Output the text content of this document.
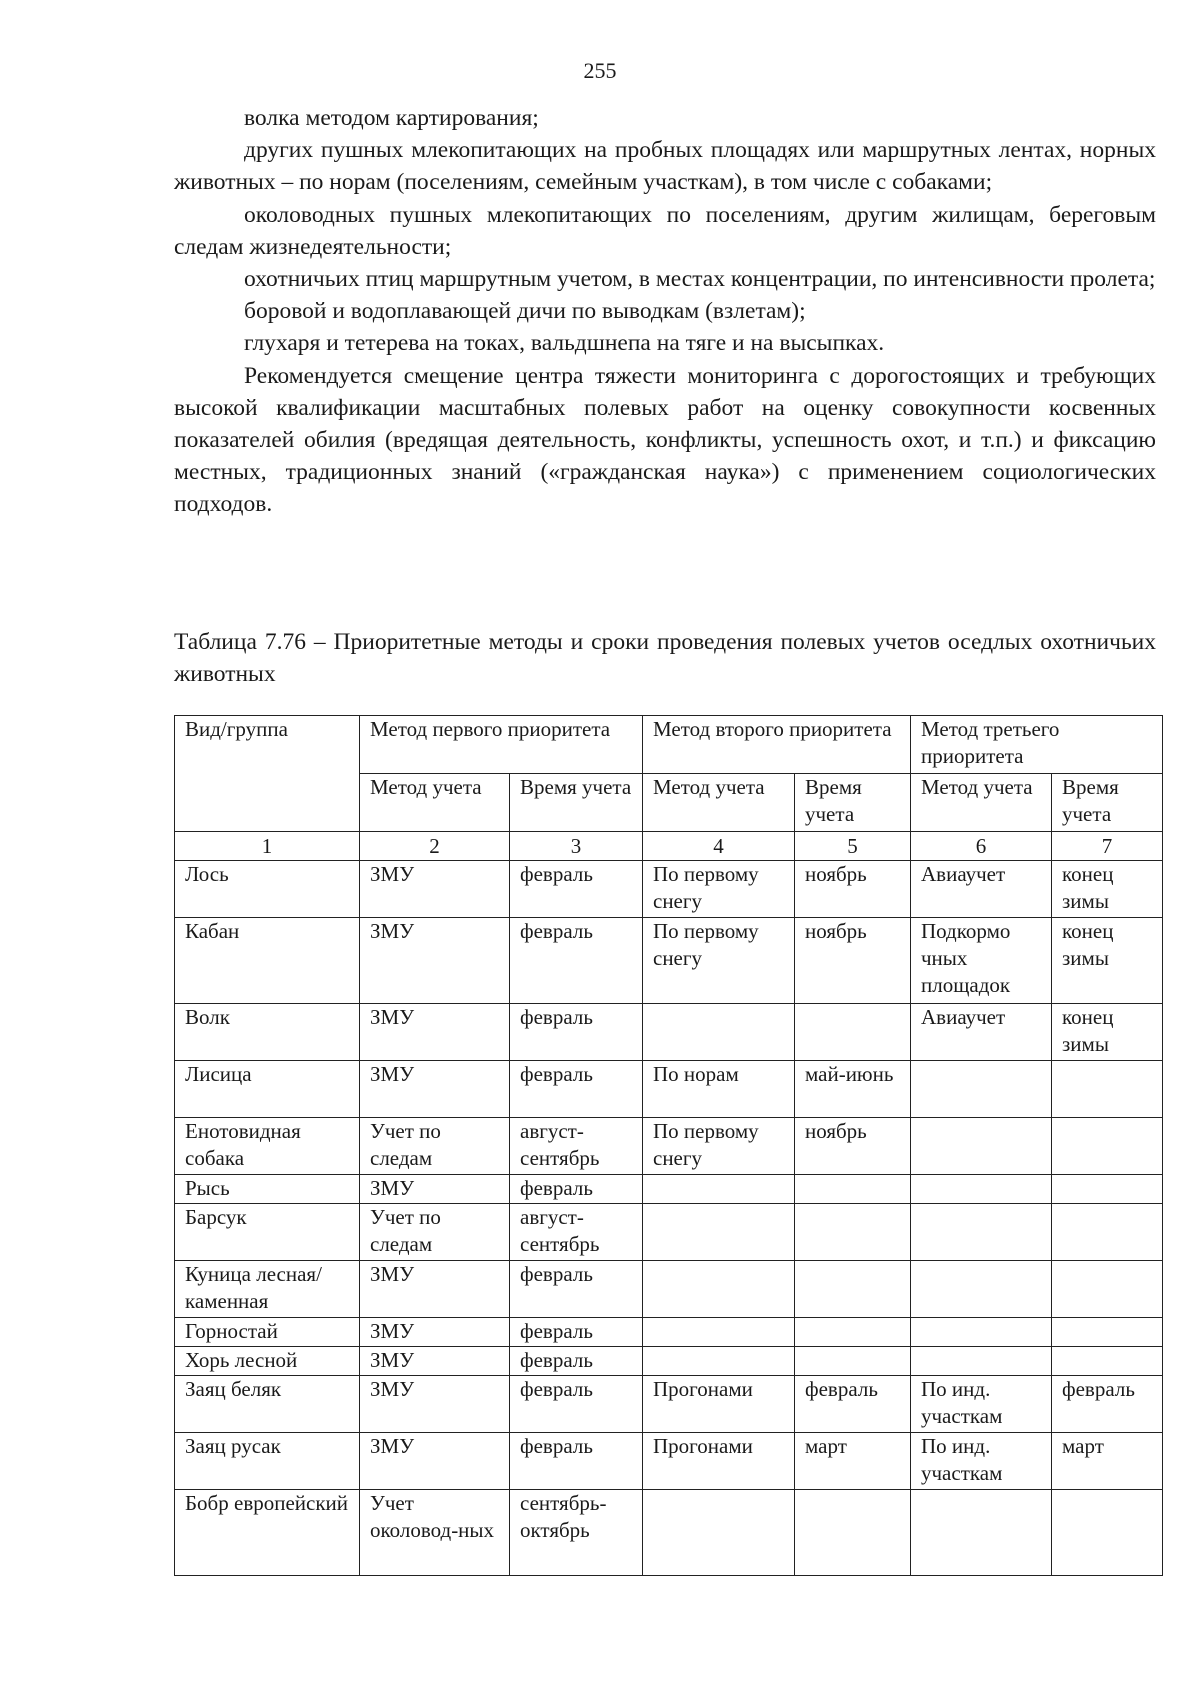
255

волка методом картирования;

других пушных млекопитающих на пробных площадях или маршрутных лентах, норных животных – по норам (поселениям, семейным участкам), в том числе с собаками;

околоводных пушных млекопитающих по поселениям, другим жилищам, береговым следам жизнедеятельности;

охотничьих птиц маршрутным учетом, в местах концентрации, по интенсивности пролета;

боровой и водоплавающей дичи по выводкам (взлетам);

глухаря и тетерева на токах, вальдшнепа на тяге и на высыпках.

Рекомендуется смещение центра тяжести мониторинга с дорогостоящих и требующих высокой квалификации масштабных полевых работ на оценку совокупности косвенных показателей обилия (вредящая деятельность, конфликты, успешность охот, и т.п.) и фиксацию местных, традиционных знаний («гражданская наука») с применением социологических подходов.

Таблица 7.76 – Приоритетные методы и сроки проведения полевых учетов оседлых охотничьих животных
Вид/группа	Метод первого приоритета		Метод второго приоритета		Метод третьего приоритета	
	Метод учета	Время учета	Метод учета	Время учета	Метод учета	Время учета
1	2	3	4	5	6	7
Лось	ЗМУ	февраль	По первому снегу	ноябрь	Авиаучет	конец зимы
Кабан	ЗМУ	февраль	По первому снегу	ноябрь	Подкормо чных площадок	конец зимы
Волк	ЗМУ	февраль			Авиаучет	конец зимы
Лисица	ЗМУ	февраль	По норам	май-июнь		
Енотовидная собака	Учет по следам	август-сентябрь	По первому снегу	ноябрь		
Рысь	ЗМУ	февраль				
Барсук	Учет по следам	август-сентябрь				
Куница лесная/ каменная	ЗМУ	февраль				
Горностай	ЗМУ	февраль				
Хорь лесной	ЗМУ	февраль				
Заяц беляк	ЗМУ	февраль	Прогонами	февраль	По инд. участкам	февраль
Заяц русак	ЗМУ	февраль	Прогонами	март	По инд. участкам	март
Бобр европейский	Учет околовод-ных	сентябрь-октябрь				
